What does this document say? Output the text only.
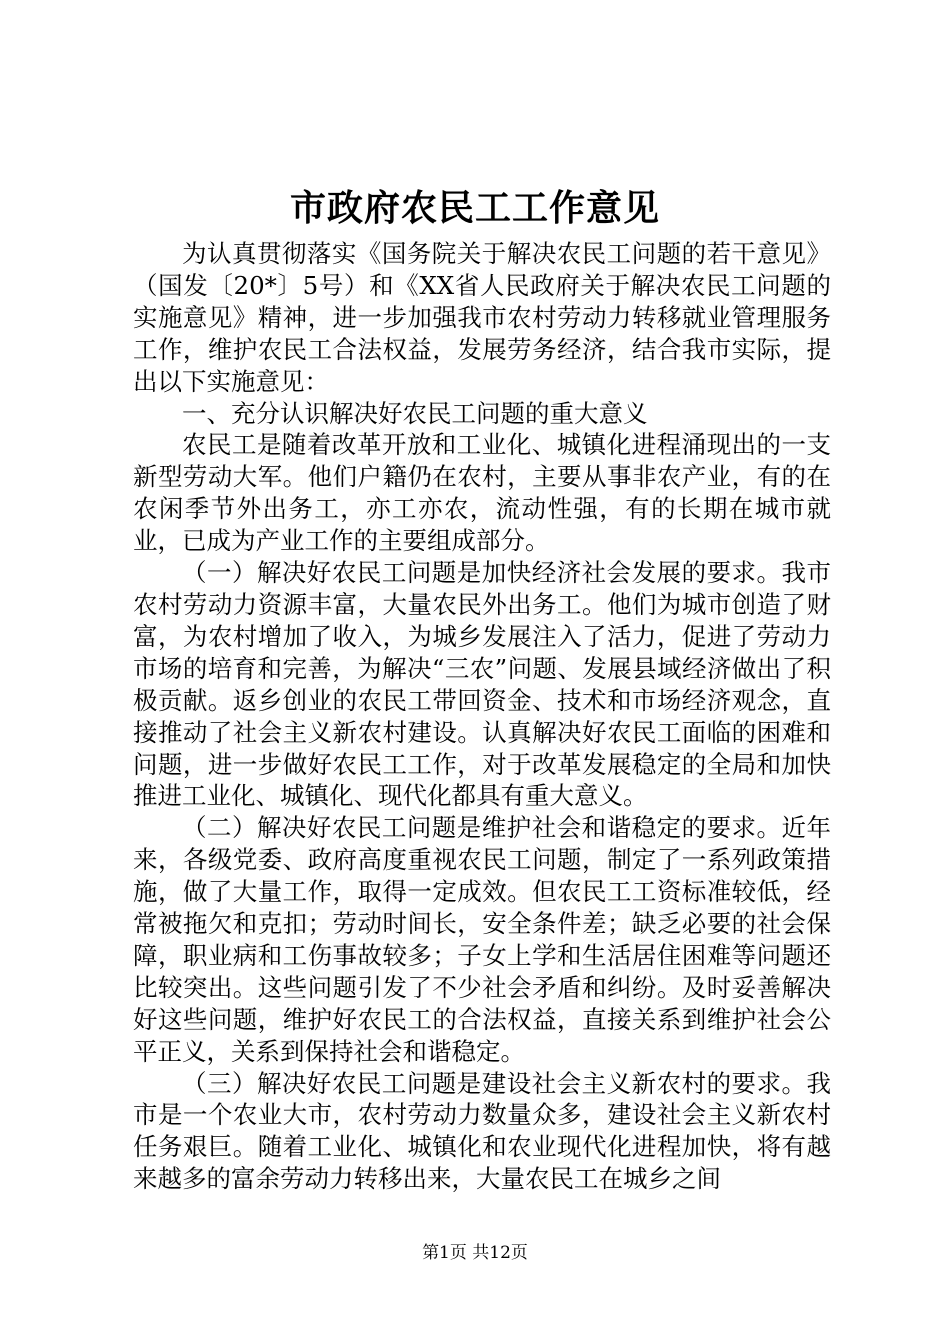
市政府农民工工作意见

为认真贯彻落实《国务院关于解决农民工问题的若干意见》（国发〔20*〕5号）和《XX省人民政府关于解决农民工问题的实施意见》精神，进一步加强我市农村劳动力转移就业管理服务工作，维护农民工合法权益，发展劳务经济，结合我市实际，提出以下实施意见：

一、充分认识解决好农民工问题的重大意义

农民工是随着改革开放和工业化、城镇化进程涌现出的一支新型劳动大军。他们户籍仍在农村，主要从事非农产业，有的在农闲季节外出务工，亦工亦农，流动性强，有的长期在城市就业，已成为产业工作的主要组成部分。

（一）解决好农民工问题是加快经济社会发展的要求。我市农村劳动力资源丰富，大量农民外出务工。他们为城市创造了财富，为农村增加了收入，为城乡发展注入了活力，促进了劳动力市场的培育和完善，为解决“三农”问题、发展县域经济做出了积极贡献。返乡创业的农民工带回资金、技术和市场经济观念，直接推动了社会主义新农村建设。认真解决好农民工面临的困难和问题，进一步做好农民工工作，对于改革发展稳定的全局和加快推进工业化、城镇化、现代化都具有重大意义。

（二）解决好农民工问题是维护社会和谐稳定的要求。近年来，各级党委、政府高度重视农民工问题，制定了一系列政策措施，做了大量工作，取得一定成效。但农民工工资标准较低，经常被拖欠和克扣；劳动时间长，安全条件差；缺乏必要的社会保障，职业病和工伤事故较多；子女上学和生活居住困难等问题还比较突出。这些问题引发了不少社会矛盾和纠纷。及时妥善解决好这些问题，维护好农民工的合法权益，直接关系到维护社会公平正义，关系到保持社会和谐稳定。

（三）解决好农民工问题是建设社会主义新农村的要求。我市是一个农业大市，农村劳动力数量众多，建设社会主义新农村任务艰巨。随着工业化、城镇化和农业现代化进程加快，将有越来越多的富余劳动力转移出来，大量农民工在城乡之间

第1页 共12页
